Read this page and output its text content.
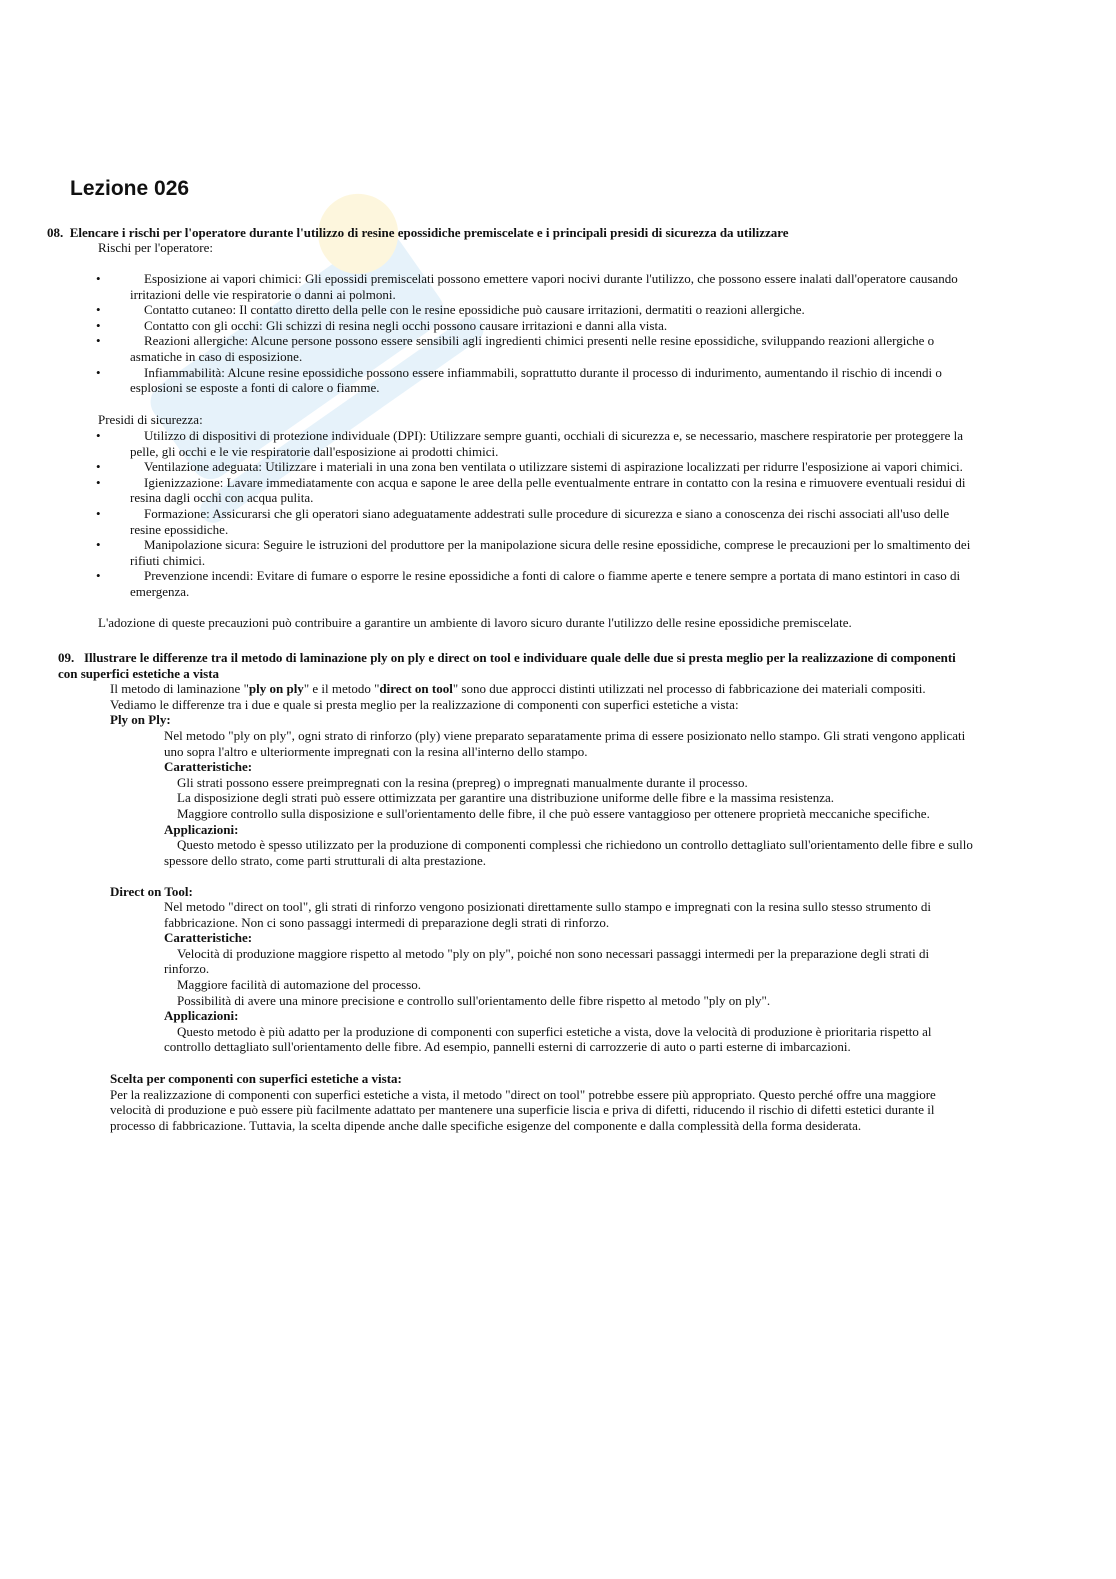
Lezione 026
08. Elencare i rischi per l'operatore durante l'utilizzo di resine epossidiche premiscelate e i principali presidi di sicurezza da utilizzare
Rischi per l'operatore:
•	Esposizione ai vapori chimici: Gli epossidi premiscelati possono emettere vapori nocivi durante l'utilizzo, che possono essere inalati dall'operatore causando
irritazioni delle vie respiratorie o danni ai polmoni.
•	Contatto cutaneo: Il contatto diretto della pelle con le resine epossidiche può causare irritazioni, dermatiti o reazioni allergiche.
•	Contatto con gli occhi: Gli schizzi di resina negli occhi possono causare irritazioni e danni alla vista.
•	Reazioni allergiche: Alcune persone possono essere sensibili agli ingredienti chimici presenti nelle resine epossidiche, sviluppando reazioni allergiche o
asmatiche in caso di esposizione.
•	Infiammabilità: Alcune resine epossidiche possono essere infiammabili, soprattutto durante il processo di indurimento, aumentando il rischio di incendi o
esplosioni se esposte a fonti di calore o fiamme.
Presidi di sicurezza:
•	Utilizzo di dispositivi di protezione individuale (DPI): Utilizzare sempre guanti, occhiali di sicurezza e, se necessario, maschere respiratorie per proteggere la
pelle, gli occhi e le vie respiratorie dall'esposizione ai prodotti chimici.
•	Ventilazione adeguata: Utilizzare i materiali in una zona ben ventilata o utilizzare sistemi di aspirazione localizzati per ridurre l'esposizione ai vapori chimici.
•	Igienizzazione: Lavare immediatamente con acqua e sapone le aree della pelle eventualmente entrare in contatto con la resina e rimuovere eventuali residui di
resina dagli occhi con acqua pulita.
•	Formazione: Assicurarsi che gli operatori siano adeguatamente addestrati sulle procedure di sicurezza e siano a conoscenza dei rischi associati all'uso delle
resine epossidiche.
•	Manipolazione sicura: Seguire le istruzioni del produttore per la manipolazione sicura delle resine epossidiche, comprese le precauzioni per lo smaltimento dei
rifiuti chimici.
•	Prevenzione incendi: Evitare di fumare o esporre le resine epossidiche a fonti di calore o fiamme aperte e tenere sempre a portata di mano estintori in caso di
emergenza.
L'adozione di queste precauzioni può contribuire a garantire un ambiente di lavoro sicuro durante l'utilizzo delle resine epossidiche premiscelate.
09. Illustrare le differenze tra il metodo di laminazione ply on ply e direct on tool e individuare quale delle due si presta meglio per la realizzazione di componenti
con superfici estetiche a vista
Il metodo di laminazione "ply on ply" e il metodo "direct on tool" sono due approcci distinti utilizzati nel processo di fabbricazione dei materiali compositi.
Vediamo le differenze tra i due e quale si presta meglio per la realizzazione di componenti con superfici estetiche a vista:
Ply on Ply:
Nel metodo "ply on ply", ogni strato di rinforzo (ply) viene preparato separatamente prima di essere posizionato nello stampo. Gli strati vengono applicati
uno sopra l'altro e ulteriormente impregnati con la resina all'interno dello stampo.
Caratteristiche:
Gli strati possono essere preimpregnati con la resina (prepreg) o impregnati manualmente durante il processo.
La disposizione degli strati può essere ottimizzata per garantire una distribuzione uniforme delle fibre e la massima resistenza.
Maggiore controllo sulla disposizione e sull'orientamento delle fibre, il che può essere vantaggioso per ottenere proprietà meccaniche specifiche.
Applicazioni:
Questo metodo è spesso utilizzato per la produzione di componenti complessi che richiedono un controllo dettagliato sull'orientamento delle fibre e sullo
spessore dello strato, come parti strutturali di alta prestazione.
Direct on Tool:
Nel metodo "direct on tool", gli strati di rinforzo vengono posizionati direttamente sullo stampo e impregnati con la resina sullo stesso strumento di
fabbricazione. Non ci sono passaggi intermedi di preparazione degli strati di rinforzo.
Caratteristiche:
Velocità di produzione maggiore rispetto al metodo "ply on ply", poiché non sono necessari passaggi intermedi per la preparazione degli strati di
rinforzo.
Maggiore facilità di automazione del processo.
Possibilità di avere una minore precisione e controllo sull'orientamento delle fibre rispetto al metodo "ply on ply".
Applicazioni:
Questo metodo è più adatto per la produzione di componenti con superfici estetiche a vista, dove la velocità di produzione è prioritaria rispetto al
controllo dettagliato sull'orientamento delle fibre. Ad esempio, pannelli esterni di carrozzerie di auto o parti esterne di imbarcazioni.
Scelta per componenti con superfici estetiche a vista:
Per la realizzazione di componenti con superfici estetiche a vista, il metodo "direct on tool" potrebbe essere più appropriato. Questo perché offre una maggiore
velocità di produzione e può essere più facilmente adattato per mantenere una superficie liscia e priva di difetti, riducendo il rischio di difetti estetici durante il
processo di fabbricazione. Tuttavia, la scelta dipende anche dalle specifiche esigenze del componente e dalla complessità della forma desiderata.
